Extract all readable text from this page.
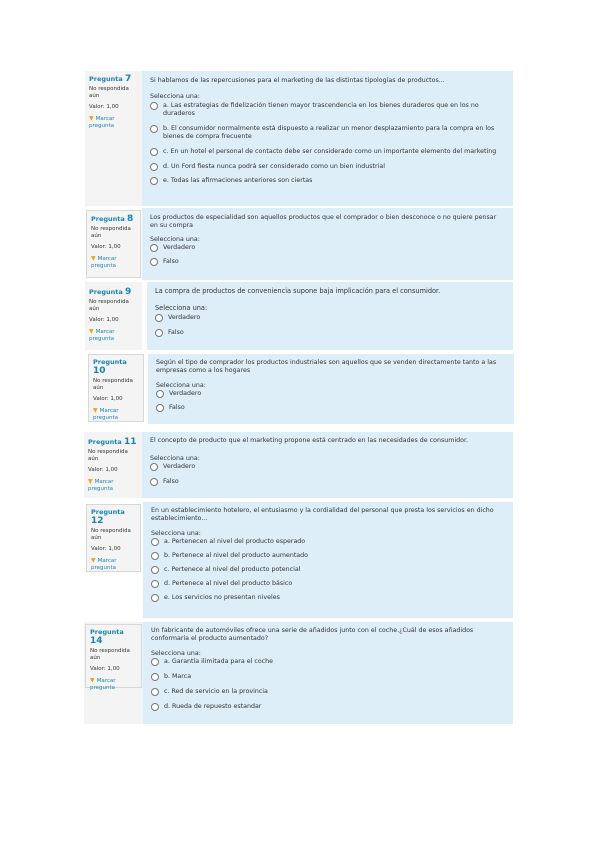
Pregunta 7
No respondida aún
Valor: 1,00
▼ Marcar pregunta
Si hablamos de las repercusiones para el marketing de las distintas tipologías de productos...
Selecciona una:
a. Las estrategias de fidelización tienen mayor trascendencia en los bienes duraderos que en los no duraderos
b. El consumidor normalmente está dispuesto a realizar un menor desplazamiento para la compra en los bienes de compra frecuente
c. En un hotel el personal de contacto debe ser considerado como un importante elemento del marketing
d. Un Ford fiesta nunca podrá ser considerado como un bien industrial
e. Todas las afirmaciones anteriores son ciertas
Pregunta 8
No respondida aún
Valor: 1,00
▼ Marcar pregunta
Los productos de especialidad son aquellos productos que el comprador o bien desconoce o no quiere pensar en su compra
Selecciona una:
Verdadero
Falso
Pregunta 9
No respondida aún
Valor: 1,00
▼ Marcar pregunta
La compra de productos de conveniencia supone baja implicación para el consumidor.
Selecciona una:
Verdadero
Falso
Pregunta 10
No respondida aún
Valor: 1,00
▼ Marcar pregunta
Según el tipo de comprador los productos industriales son aquellos que se venden directamente tanto a las empresas como a los hogares
Selecciona una:
Verdadero
Falso
Pregunta 11
No respondida aún
Valor: 1,00
▼ Marcar pregunta
El concepto de producto que el marketing propone está centrado en las necesidades de consumidor.
Selecciona una:
Verdadero
Falso
Pregunta 12
No respondida aún
Valor: 1,00
▼ Marcar pregunta
En un establecimiento hotelero, el entusiasmo y la cordialidad del personal que presta los servicios en dicho establecimiento...
Selecciona una:
a. Pertenecen al nivel del producto esperado
b. Pertenece al nivel del producto aumentado
c. Pertenece al nivel del producto potencial
d. Pertenece al nivel del producto básico
e. Los servicios no presentan niveles
Pregunta 14
No respondida aún
Valor: 1,00
▼ Marcar pregunta
Un fabricante de automóviles ofrece una serie de añadidos junto con el coche.¿Cuál de esos añadidos conformaría el producto aumentado?
Selecciona una:
a. Garantía ilimitada para el coche
b. Marca
c. Red de servicio en la provincia
d. Rueda de repuesto estandar
